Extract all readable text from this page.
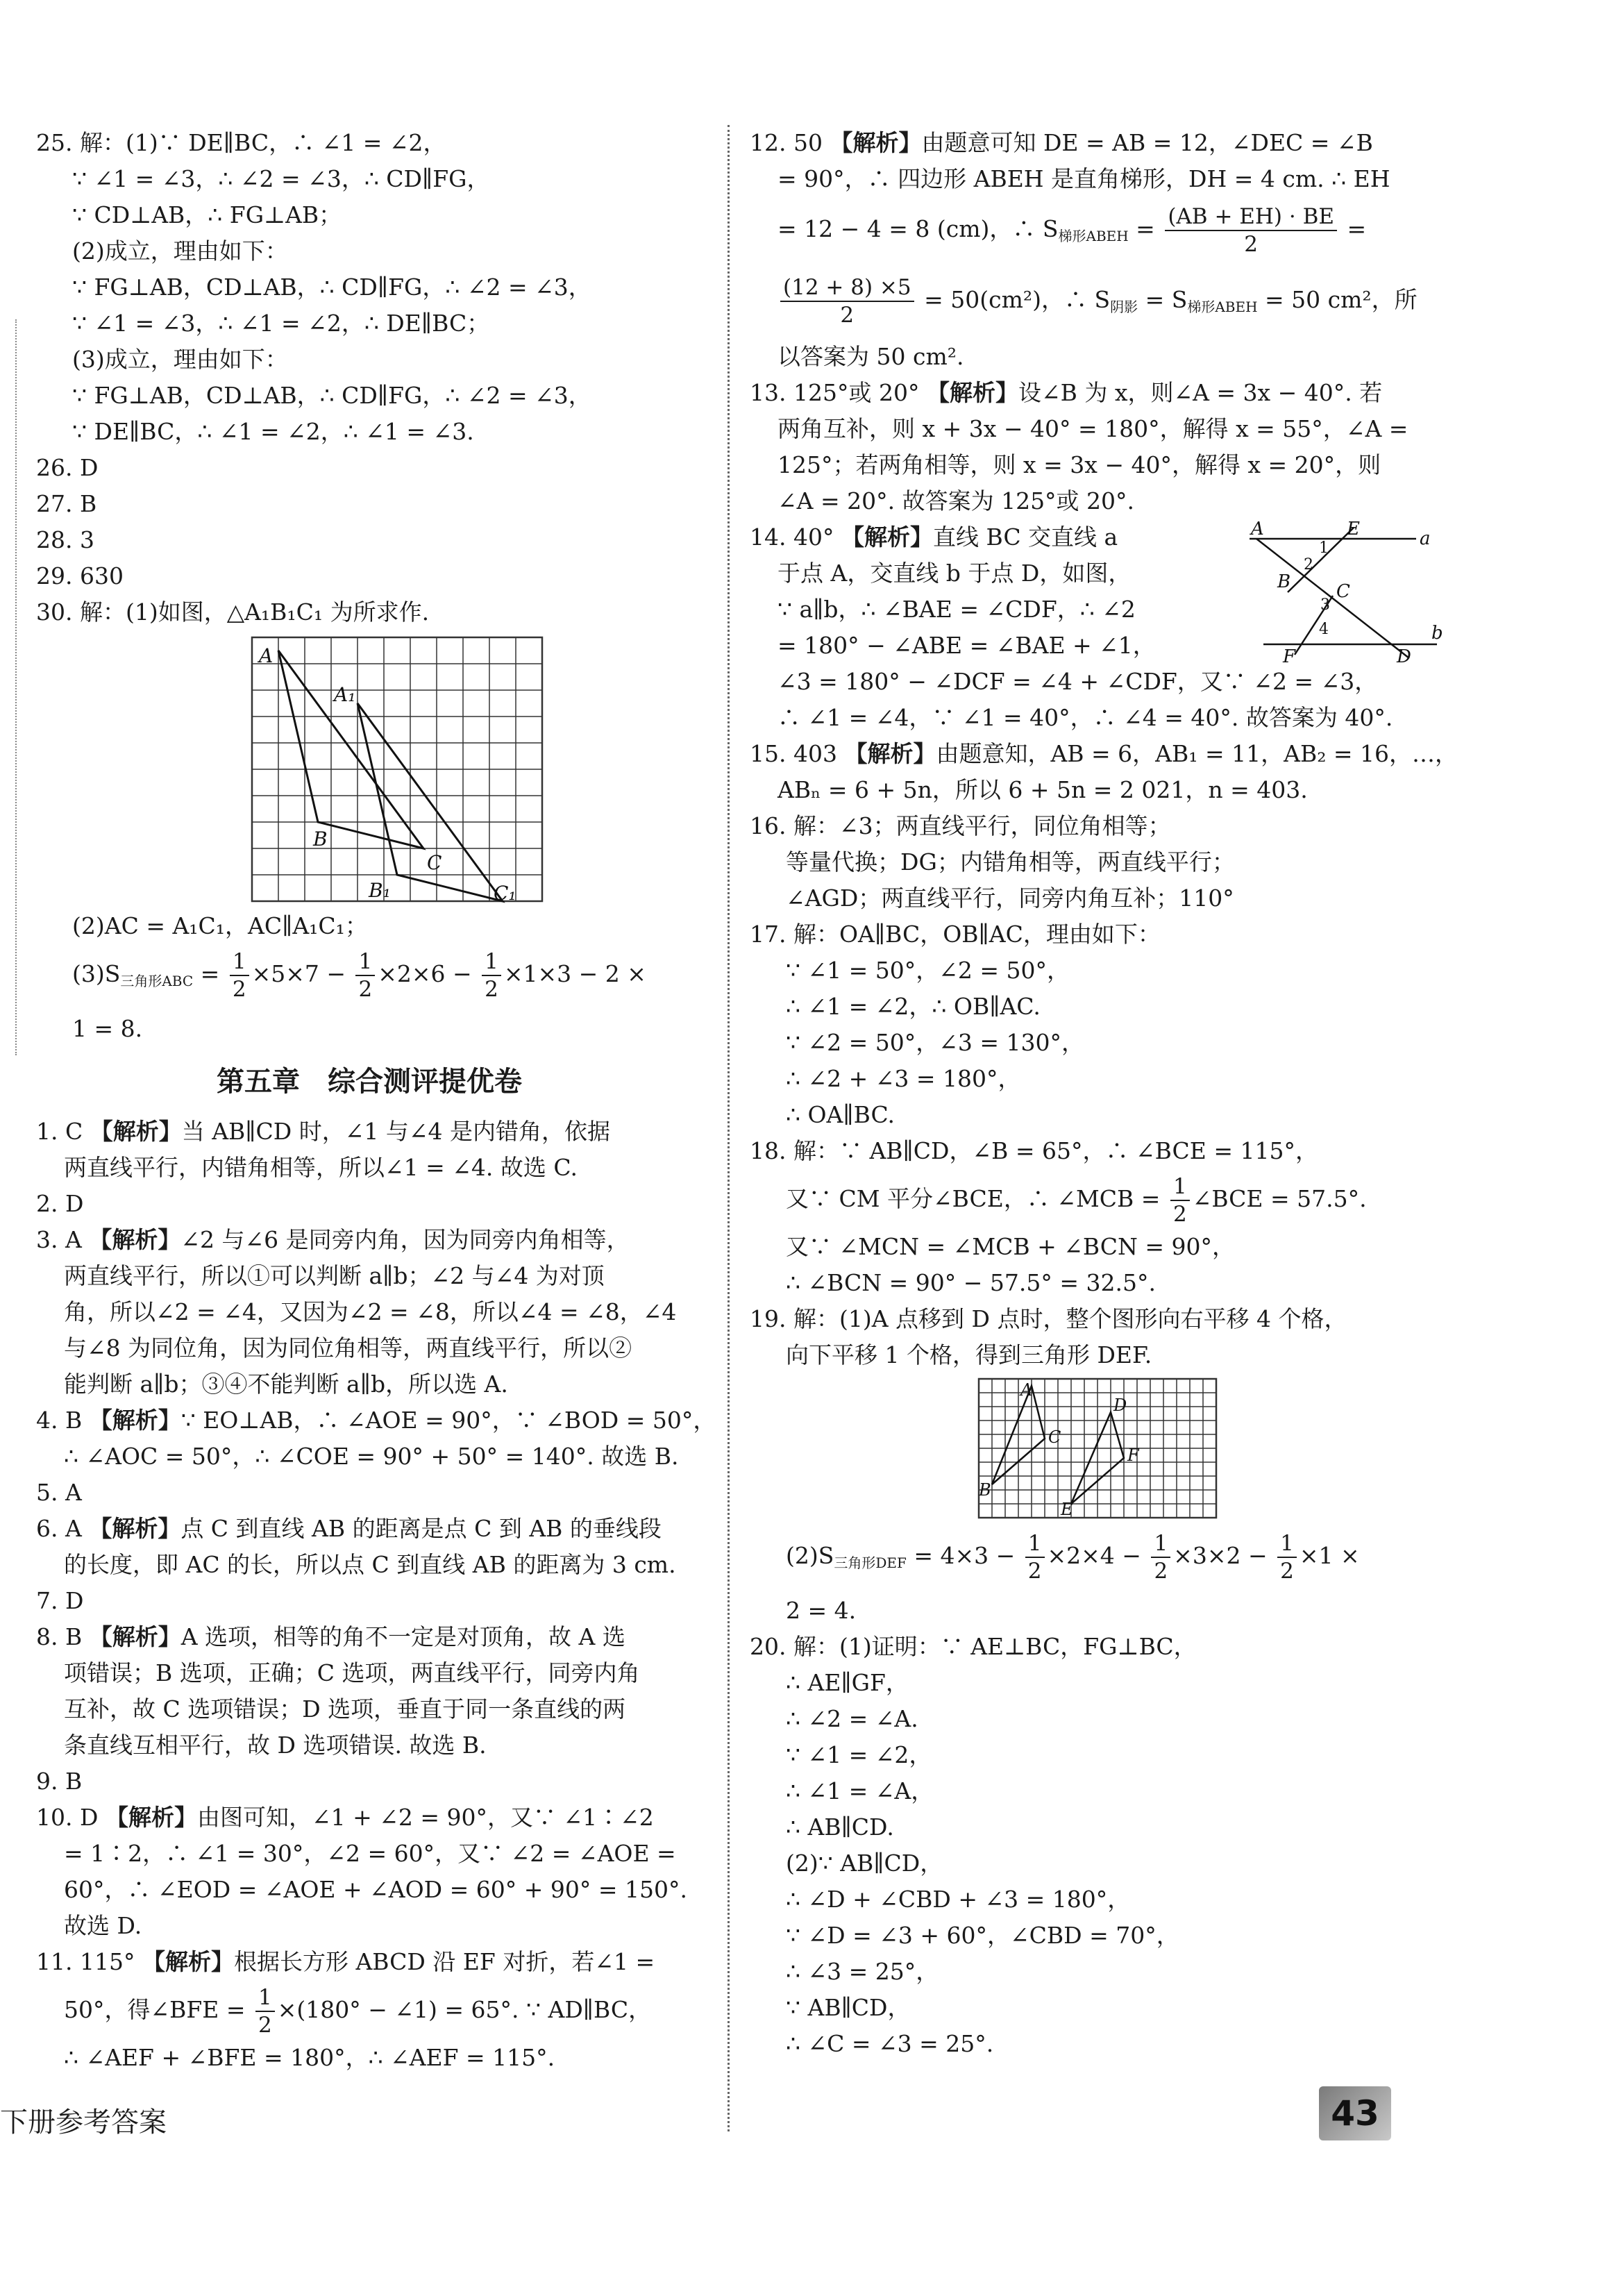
25. 解：(1)∵ DE∥BC，∴ ∠1 = ∠2，
∵ ∠1 = ∠3，∴ ∠2 = ∠3，∴ CD∥FG，
∵ CD⊥AB，∴ FG⊥AB；
(2)成立，理由如下：
∵ FG⊥AB，CD⊥AB，∴ CD∥FG，∴ ∠2 = ∠3，
∵ ∠1 = ∠3，∴ ∠1 = ∠2，∴ DE∥BC；
(3)成立，理由如下：
∵ FG⊥AB，CD⊥AB，∴ CD∥FG，∴ ∠2 = ∠3，
∵ DE∥BC，∴ ∠1 = ∠2，∴ ∠1 = ∠3.
26. D
27. B
28. 3
29. 630
30. 解：(1)如图，△A₁B₁C₁ 为所求作.
A
A₁
B
C
B₁	C₁
(2)AC = A₁C₁，AC∥A₁C₁；
$(3)S_{三角形ABC} = \frac{1}{2} \times 5\times 7 - \frac{1}{2} \times 2\times 6 - \frac{1}{2} \times 1\times 3 - 2$ ×
1 = 8.
第五章　综合测评提优卷
1. C 【解析】当 AB∥CD 时，∠1 与∠4 是内错角，依据
两直线平行，内错角相等，所以∠1 = ∠4. 故选 C.
2. D
3. A 【解析】∠2 与∠6 是同旁内角，因为同旁内角相等，
两直线平行，所以①可以判断 a∥b；∠2 与∠4 为对顶
角，所以∠2 = ∠4，又因为∠2 = ∠8，所以∠4 = ∠8，∠4
与∠8 为同位角，因为同位角相等，两直线平行，所以②
能判断 a∥b；③④不能判断 a∥b，所以选 A.
4. B 【解析】∵ EO⊥AB，∴ ∠AOE = 90°，∵ ∠BOD = 50°，
∴ ∠AOC = 50°，∴ ∠COE = 90° + 50° = 140°. 故选 B.
5. A
6. A 【解析】点 C 到直线 AB 的距离是点 C 到 AB 的垂线段
的长度，即 AC 的长，所以点 C 到直线 AB 的距离为 3 cm.
7. D
8. B 【解析】A 选项，相等的角不一定是对顶角，故 A 选
项错误；B 选项，正确；C 选项，两直线平行，同旁内角
互补，故 C 选项错误；D 选项，垂直于同一条直线的两
条直线互相平行，故 D 选项错误. 故选 B.
9. B
10. D 【解析】由图可知，∠1 + ∠2 = 90°，又∵ ∠1∶∠2
= 1∶2，∴ ∠1 = 30°，∠2 = 60°，又∵ ∠2 = ∠AOE =
60°，∴ ∠EOD = ∠AOE + ∠AOD = 60° + 90° = 150°.
故选 D.
11. 115° 【解析】根据长方形 ABCD 沿 EF 对折，若∠1 =
50°，得∠BFE = $\frac{1}{2} \times(180^\circ$ − ∠1) = 65°. ∵ AD∥BC，
∴ ∠AEF + ∠BFE = 180°，∴ ∠AEF = 115°.
12. 50 【解析】由题意可知 DE = AB = 12，∠DEC = ∠B
= 90°，∴ 四边形 ABEH 是直角梯形，DH = 4 cm. ∴ EH
= 12 − 4 = 8 (cm)，∴ $S_{梯形ABEH} = \frac{(AB + EH) \cdot BE}{2}$ =
$\frac{(12 + 8) \times 5}{2} = 50(cm^2)$，∴ $S_{阴影} = S_{梯形ABEH} = 50$ cm²，所
以答案为 50 cm².
13. 125°或 20° 【解析】设∠B 为 x，则∠A = 3x − 40°. 若
两角互补，则 x + 3x − 40° = 180°，解得 x = 55°，∠A =
125°；若两角相等，则 x = 3x − 40°，解得 x = 20°，则
∠A = 20°. 故答案为 125°或 20°.
14. 40° 【解析】直线 BC 交直线 a
于点 A，交直线 b 于点 D，如图，
∵ a∥b，∴ ∠BAE = ∠CDF，∴ ∠2
= 180° − ∠ABE = ∠BAE + ∠1，
A	E	a
1
2
B	C
3
4
F	D
b
∠3 = 180° − ∠DCF = ∠4 + ∠CDF，又∵ ∠2 = ∠3，
∴ ∠1 = ∠4，∵ ∠1 = 40°，∴ ∠4 = 40°. 故答案为 40°.
15. 403 【解析】由题意知，AB = 6，AB₁ = 11，AB₂ = 16，…，
ABₙ = 6 + 5n，所以 6 + 5n = 2 021，n = 403.
16. 解：∠3；两直线平行，同位角相等；
等量代换；DG；内错角相等，两直线平行；
∠AGD；两直线平行，同旁内角互补；110°
17. 解：OA∥BC，OB∥AC，理由如下：
∵ ∠1 = 50°，∠2 = 50°，
∴ ∠1 = ∠2，∴ OB∥AC.
∵ ∠2 = 50°，∠3 = 130°，
∴ ∠2 + ∠3 = 180°，
∴ OA∥BC.
18. 解：∵ AB∥CD，∠B = 65°，∴ ∠BCE = 115°，
又∵ CM 平分∠BCE，∴ ∠MCB = $\frac{1}{2}$ ∠BCE = 57.5°.
又∵ ∠MCN = ∠MCB + ∠BCN = 90°，
∴ ∠BCN = 90° − 57.5° = 32.5°.
19. 解：(1)A 点移到 D 点时，整个图形向右平移 4 个格，
向下平移 1 个格，得到三角形 DEF.
A
B
C
D
E
F
$(2)S_{三角形DEF} = 4\times 3 - \frac{1}{2} \times 2\times 4 - \frac{1}{2} \times 3\times 2 - \frac{1}{2} \times 1$ ×
2 = 4.
20. 解：(1)证明：∵ AE⊥BC，FG⊥BC，
∴ AE∥GF，
∴ ∠2 = ∠A.
∵ ∠1 = ∠2，
∴ ∠1 = ∠A，
∴ AB∥CD.
(2)∵ AB∥CD，
∴ ∠D + ∠CBD + ∠3 = 180°，
∵ ∠D = ∠3 + 60°，∠CBD = 70°，
∴ ∠3 = 25°，
∵ AB∥CD，
∴ ∠C = ∠3 = 25°.
下册参考答案	43
